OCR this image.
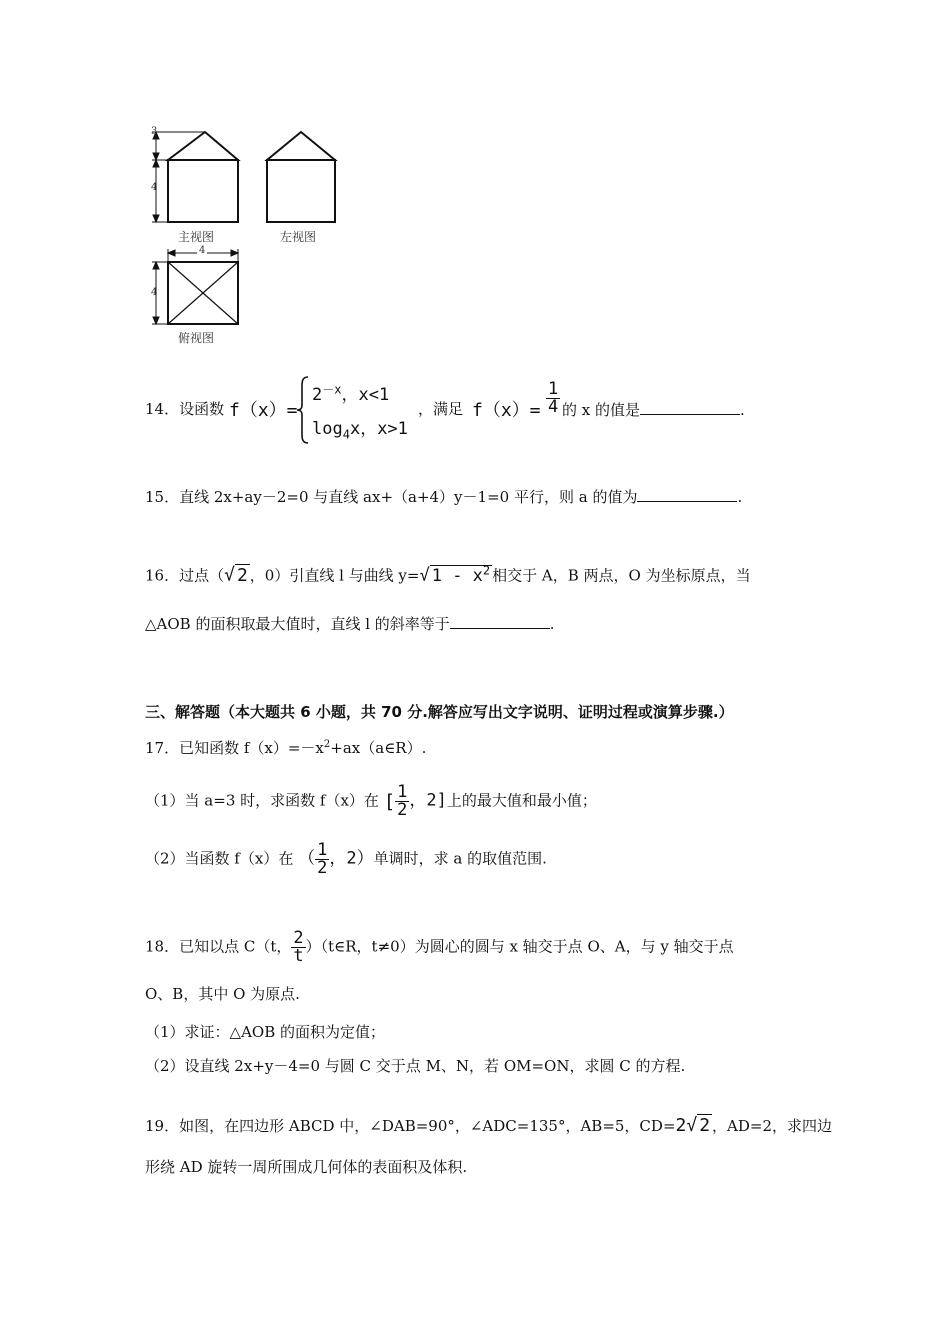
3
4
4
4
主视图	左视图
俯视图
14．设函数 f（x）=
$2^{-x}$，x<1
$\log_4x$，x>1
，满足 $f(x)= \frac{1}{4}$ 的 x 的值是	.
15．直线 2x+ay－2=0 与直线 ax+（a+4）y－1=0 平行，则 a 的值为	.
16．过点（√ 2 ，0）引直线 l 与曲线 y=√ $1 - x^2$ 相交于 A，B 两点，O 为坐标原点，当
△AOB 的面积取最大值时，直线 l 的斜率等于	.
三、解答题（本大题共 6 小题，共 70 分.解答应写出文字说明、证明过程或演算步骤.）
17．已知函数 $f(x)=-x^2+ax(a\in R)$.
（1）当 a=3 时，求函数 f（x）在 [ $\frac{1}{2}$ ，2]上的最大值和最小值；
（2）当函数 f（x）在 （ $\frac{1}{2}$ ，2）单调时，求 a 的取值范围.
18．已知以点 C（t， $\frac{2}{t}$ ）（t∈R，t≠0）为圆心的圆与 x 轴交于点 O、A，与 y 轴交于点
O、B，其中 O 为原点.
（1）求证：△AOB 的面积为定值；
（2）设直线 2x+y－4=0 与圆 C 交于点 M、N，若 OM=ON，求圆 C 的方程.
19．如图，在四边形 ABCD 中，∠DAB=90°，∠ADC=135°，AB=5，CD=2√ 2 ，AD=2，求四边
形绕 AD 旋转一周所围成几何体的表面积及体积.
